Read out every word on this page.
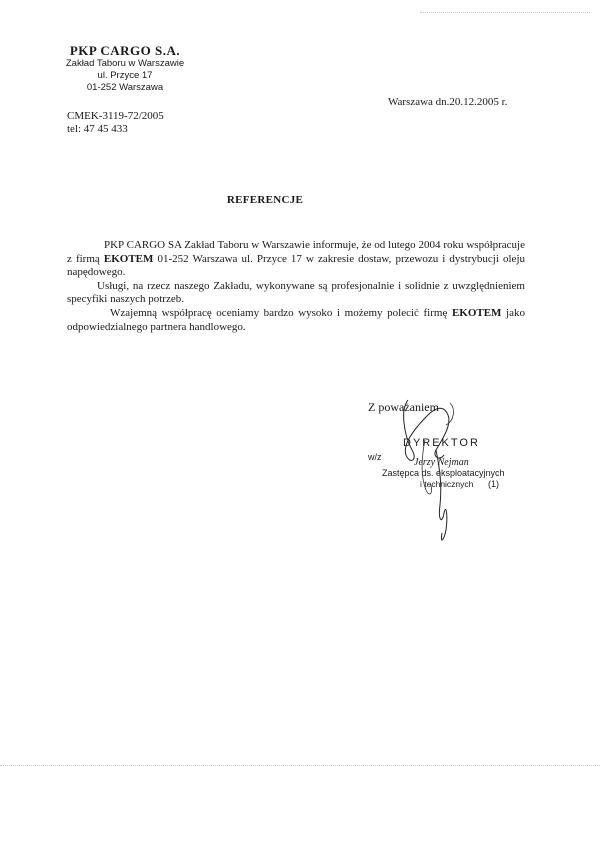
PKP CARGO S.A.
Zakład Taboru w Warszawie
ul. Przyce 17
01-252 Warszawa
Warszawa dn.20.12.2005 r.
CMEK-3119-72/2005
tel: 47 45 433
REFERENCJE

PKP CARGO SA Zakład Taboru w Warszawie informuje, że od lutego 2004 roku współpracuje z firmą EKOTEM 01-252 Warszawa ul. Przyce 17 w zakresie dostaw, przewozu i dystrybucji oleju napędowego.

Usługi, na rzecz naszego Zakładu, wykonywane są profesjonalnie i solidnie z uwzględnieniem specyfiki naszych potrzeb.

Wzajemną współpracę oceniamy bardzo wysoko i możemy polecić firmę EKOTEM jako odpowiedzialnego partnera handlowego.

Z poważaniem
DYREKTOR
w/z	Jerzy Nejman
Zastępca ds. eksploatacyjnych
i technicznych (1)
